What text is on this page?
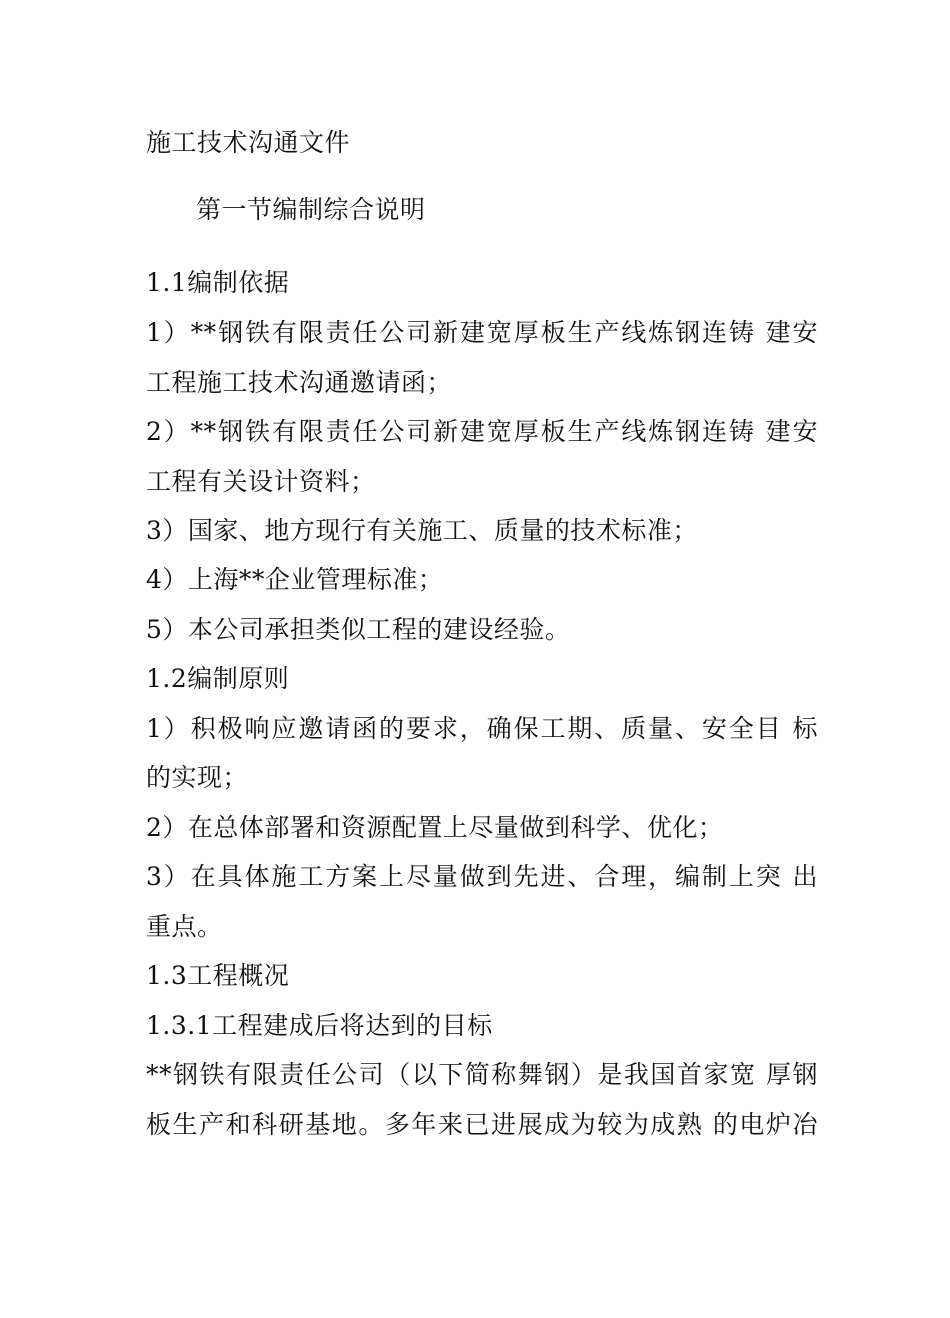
施工技术沟通文件
第一节编制综合说明
1.1编制依据
1）**钢铁有限责任公司新建宽厚板生产线炼钢连铸 建安
工程施工技术沟通邀请函；
2）**钢铁有限责任公司新建宽厚板生产线炼钢连铸 建安
工程有关设计资料；
3）国家、地方现行有关施工、质量的技术标准；
4）上海**企业管理标准；
5）本公司承担类似工程的建设经验。
1.2编制原则
1）积极响应邀请函的要求，确保工期、质量、安全目 标
的实现；
2）在总体部署和资源配置上尽量做到科学、优化；
3）在具体施工方案上尽量做到先进、合理，编制上突 出
重点。
1.3工程概况
1.3.1工程建成后将达到的目标
**钢铁有限责任公司（以下简称舞钢）是我国首家宽 厚钢
板生产和科研基地。多年来已进展成为较为成熟 的电炉冶
